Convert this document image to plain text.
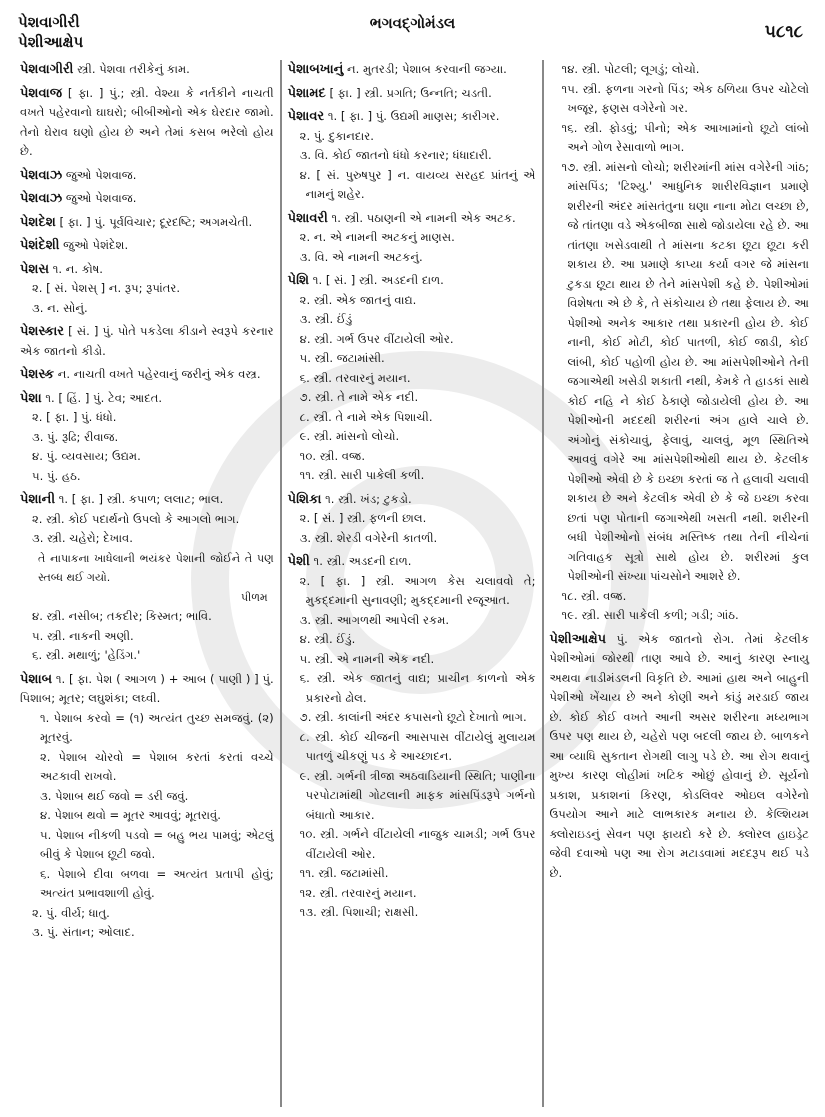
પેશવાગીરી
પેશીઆક્ષેપ
ભગવદ્ગોમંડલ	૫૮૧૮
પેશવાગીરી સ્ત્રી. પેશવા તરીકેનું કામ.
પેશવાજ [ ફા. ] પું.; સ્ત્રી. વેશ્યા કે નર્તકીને નાચતી વખતે પહેરવાનો ઘાઘરો; બીબીઓનો એક ઘેરદાર જામો. તેનો ઘેરાવ ઘણો હોય છે અને તેમાં કસબ ભરેલો હોય છે.
પેશવાઝ જુઓ પેશવાજ.
પેશવાઝ જુઓ પેશવાજ.
પેશદેશ [ ફા. ] પું. પૂર્વવિચાર; દૂરદષ્ટિ; અગમચેતી.
પેશંદેશી જુઓ પેશંદેશ.
પેશસ ૧. ન. કોષ.
૨. [ સં. પેશસ્ ] ન. રૂપ; રૂપાંતર.
૩. ન. સોનું.
પેશસ્કાર [ સં. ] પું. પોતે પકડેલા કીડાને સ્વરૂપે કરનાર એક જાતનો કીડો.
પેશસ્ક ન. નાચતી વખતે પહેરવાનું જરીનું એક વસ્ત્ર.
પેશા ૧. [ હિં. ] પું. ટેવ; આદત.
૨. [ ફા. ] પું. ધંધો.
૩. પું. રૂઢિ; રીવાજ.
૪. પું. વ્યવસાય; ઉદ્યમ.
૫. પું. હઠ.
પેશાની ૧. [ ફા. ] સ્ત્રી. કપાળ; લલાટ; ભાલ.
૨. સ્ત્રી. કોઈ પદાર્થનો ઉપલો કે આગલો ભાગ.
૩. સ્ત્રી. ચહેરો; દેખાવ.
તે નાપાકના ખાધેલાની ભયંકર પેશાની જોઈને તે પણ સ્તબ્ધ થઈ ગયો.
પીળમ
૪. સ્ત્રી. નસીબ; તકદીર; કિસ્મત; ભાવિ.
૫. સ્ત્રી. નાકની અણી.
૬. સ્ત્રી. મથાળું; 'હેડિંગ.'
પેશાબ ૧. [ ફા. પેશ ( આગળ ) + આબ ( પાણી ) ] પું. પિશાબ; મૂતર; લઘુશંકા; લઘ્વી.
૧. પેશાબ કરવો = (૧) અત્યંત તુચ્છ સમજવું. (૨) મૂતરવું.
૨. પેશાબ ચોરવો = પેશાબ કરતાં કરતાં વચ્ચે અટકાવી રાખવો.
૩. પેશાબ થઈ જવો = ડરી જવું.
૪. પેશાબ થવો = મૂતર આવવું; મૂતરાવું.
૫. પેશાબ નીકળી પડવો = બહુ ભય પામવું; એટલું બીવું કે પેશાબ છૂટી જવો.
૬. પેશાબે દીવા બળવા = અત્યંત પ્રતાપી હોવું; અત્યંત પ્રભાવશાળી હોવું.
૨. પું. વીર્ય; ધાતુ.
૩. પું. સંતાન; ઓલાદ.
પેશાબખાનું ન. મુતરડી; પેશાબ કરવાની જગ્યા.
પેશામદ [ ફા. ] સ્ત્રી. પ્રગતિ; ઉન્નતિ; ચડતી.
પેશાવર ૧. [ ફા. ] પું. ઉદ્યમી માણસ; કારીગર.
૨. પું. દુકાનદાર.
૩. વિ. કોઈ જાતનો ધંધો કરનાર; ધંધાદારી.
૪. [ સં. પુરુષપુર ] ન. વાયવ્ય સરહદ પ્રાંતનું એ નામનું શહેર.
પેશાવરી ૧. સ્ત્રી. પઠાણની એ નામની એક અટક.
૨. ન. એ નામની અટકનું માણસ.
૩. વિ. એ નામની અટકનું.
પેશિ ૧. [ સં. ] સ્ત્રી. અડદની દાળ.
૨. સ્ત્રી. એક જાતનું વાદ્ય.
૩. સ્ત્રી. ઈંડું
૪. સ્ત્રી. ગર્ભ ઉપર વીંટાયેલી ઓર.
૫. સ્ત્રી. જટામાંસી.
૬. સ્ત્રી. તરવારનું મયાન.
૭. સ્ત્રી. તે નામે એક નદી.
૮. સ્ત્રી. તે નામે એક પિશાચી.
૯. સ્ત્રી. માંસનો લોચો.
૧૦. સ્ત્રી. વજ્ર.
૧૧. સ્ત્રી. સારી પાકેલી કળી.
પેશિકા ૧. સ્ત્રી. ખંડ; ટુકડો.
૨. [ સં. ] સ્ત્રી. ફળની છાલ.
૩. સ્ત્રી. શેરડી વગેરેની કાતળી.
પેશી ૧. સ્ત્રી. અડદની દાળ.
૨. [ ફા. ] સ્ત્રી. આગળ કેસ ચલાવવો તે; મુકદ્દમાની સુનાવણી; મુકદ્દમાની રજૂઆત.
૩. સ્ત્રી. આગળથી આપેલી રકમ.
૪. સ્ત્રી. ઈંડું.
૫. સ્ત્રી. એ નામની એક નદી.
૬. સ્ત્રી. એક જાતનું વાદ્ય; પ્રાચીન કાળનો એક પ્રકારનો ઢોલ.
૭. સ્ત્રી. કાલાંની અંદર કપાસનો છૂટો દેખાતો ભાગ.
૮. સ્ત્રી. કોઈ ચીજની આસપાસ વીંટાયેલું મુલાયમ પાતળું ચીકણું પડ કે આચ્છાદન.
૯. સ્ત્રી. ગર્ભની ત્રીજા અઠવાડિયાની સ્થિતિ; પાણીના પરપોટામાંથી ગોટલાની માફક માંસપિંડરૂપે ગર્ભનો બંધાતો આકાર.
૧૦. સ્ત્રી. ગર્ભને વીંટાયેલી નાજુક ચામડી; ગર્ભ ઉપર વીંટાયેલી ઓર.
૧૧. સ્ત્રી. જટામાંસી.
૧૨. સ્ત્રી. તરવારનું મયાન.
૧૩. સ્ત્રી. પિશાચી; રાક્ષસી.
૧૪. સ્ત્રી. પોટલી; લૂગડું; લોચો.
૧૫. સ્ત્રી. ફળના ગરનો પિંડ; એક ઠળિયા ઉપર ચોટેલો ખજૂર, ફણસ વગેરેનો ગર.
૧૬. સ્ત્રી. ફોડવું; પીનો; એક આખામાંનો છૂટો લાંબો અને ગોળ રેસાવાળો ભાગ.
૧૭. સ્ત્રી. માંસનો લોચો; શરીરમાંની માંસ વગેરેની ગાંઠ; માંસપિંડ; 'ટિશ્યુ.' આધુનિક શારીરવિજ્ઞાન પ્રમાણે શરીરની અંદર માંસતંતુના ઘણા નાના મોટા લચ્છા છે, જે તાંતણા વડે એકબીજા સાથે જોડાયેલા રહે છે. આ તાંતણા ખસેડવાથી તે માંસના કટકા છૂટા છૂટા કરી શકાય છે. આ પ્રમાણે કાપ્યા કર્યા વગર જે માંસના ટુકડા છૂટા થાય છે તેને માંસપેશી કહે છે. પેશીઓમાં વિશેષતા એ છે કે, તે સંકોચાય છે તથા ફેલાય છે. આ પેશીઓ અનેક આકાર તથા પ્રકારની હોય છે. કોઈ નાની, કોઈ મોટી, કોઈ પાતળી, કોઈ જાડી, કોઈ લાંબી, કોઈ પહોળી હોય છે. આ માંસપેશીઓને તેની જગાએથી ખસેડી શકાતી નથી, કેમકે તે હાડકાં સાથે કોઈ નહિ ને કોઈ ઠેકાણે જોડાયેલી હોય છે. આ પેશીઓની મદદથી શરીરનાં અંગ હાલે ચાલે છે. અંગોનું સંકોચાવું, ફેલાવું, ચાલવું, મૂળ સ્થિતિએ આવવું વગેરે આ માંસપેશીઓથી થાય છે. કેટલીક પેશીઓ એવી છે કે ઇચ્છા કરતાં જ તે હલાવી ચલાવી શકાય છે અને કેટલીક એવી છે કે જે ઇચ્છા કરવા છતાં પણ પોતાની જગાએથી ખસતી નથી. શરીરની બધી પેશીઓનો સંબંધ મસ્તિષ્ક તથા તેની નીચેનાં ગતિવાહક સૂત્રો સાથે હોય છે. શરીરમાં કુલ પેશીઓની સંખ્યા પાંચસોને આશરે છે.
૧૮. સ્ત્રી. વજ્ર.
૧૯. સ્ત્રી. સારી પાકેલી કળી; ગડી; ગાંઠ.
પેશીઆક્ષેપ પું. એક જાતનો રોગ. તેમાં કેટલીક પેશીઓમાં જોરથી તાણ આવે છે. આનું કારણ સ્નાયુ અથવા નાડીમંડલની વિકૃતિ છે. આમાં હાથ અને બાહુની પેશીઓ ખેંચાય છે અને કોણી અને કાંડું મરડાઈ જાય છે. કોઈ કોઈ વખતે આની અસર શરીરના મધ્યભાગ ઉપર પણ થાય છે, ચહેરો પણ બદલી જાય છે. બાળકને આ વ્યાધિ સુકતાન રોગથી લાગુ પડે છે. આ રોગ થવાનું મુખ્ય કારણ લોહીમાં ખટિક ઓછું હોવાનું છે. સૂર્યનો પ્રકાશ, પ્રકાશનાં કિરણ, કોડલિવર ઓઇલ વગેરેનો ઉપયોગ આને માટે લાભકારક મનાય છે. કેલ્શિયમ ક્લોરાઇડનું સેવન પણ ફાયદો કરે છે. ક્લોરલ હાઇડ્રેટ જેવી દવાઓ પણ આ રોગ મટાડવામાં મદદરૂપ થઈ પડે છે.
